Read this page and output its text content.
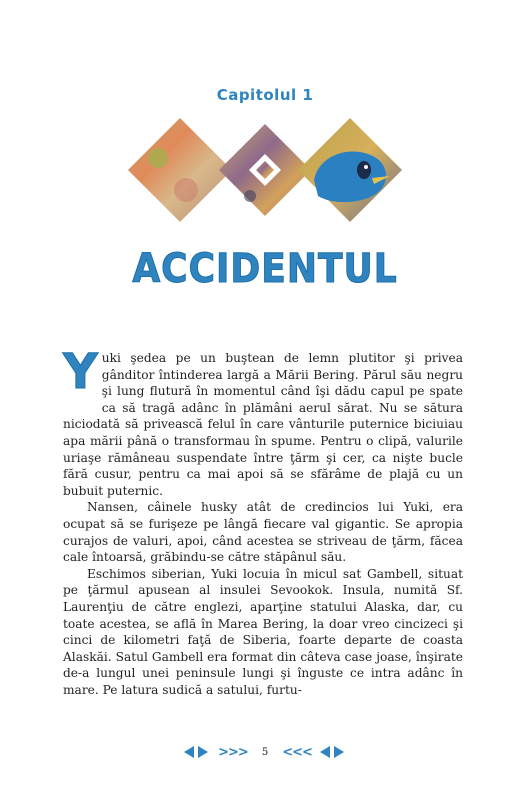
Capitolul 1
ACCIDENTUL

Yuki şedea pe un buştean de lemn plutitor şi privea gânditor întinderea largă a Mării Bering. Părul său negru şi lung flutură în momentul când îşi dădu capul pe spate ca să tragă adânc în plămâni aerul sărat. Nu se sătura niciodată să privească felul în care vânturile puternice biciuiau apa mării până o transformau în spume. Pentru o clipă, valurile uriaşe rămâneau suspendate între ţărm şi cer, ca nişte bucle fără cusur, pentru ca mai apoi să se sfărâme de plajă cu un bubuit puternic.

Nansen, câinele husky atât de credincios lui Yuki, era ocupat să se furişeze pe lângă fiecare val gigantic. Se apropia curajos de valuri, apoi, când acestea se striveau de ţărm, făcea cale întoarsă, grăbindu-se către stăpânul său.

Eschimos siberian, Yuki locuia în micul sat Gambell, situat pe ţărmul apusean al insulei Sevookok. Insula, numită Sf. Laurenţiu de către englezi, aparţine statului Alaska, dar, cu toate acestea, se află în Marea Bering, la doar vreo cincizeci şi cinci de kilometri faţă de Siberia, foarte departe de coasta Alaskăi. Satul Gambell era format din câteva case joase, înşirate de-a lungul unei peninsule lungi şi înguste ce intra adânc în mare. Pe latura sudică a satului, furtu-

>>> 5 <<<
